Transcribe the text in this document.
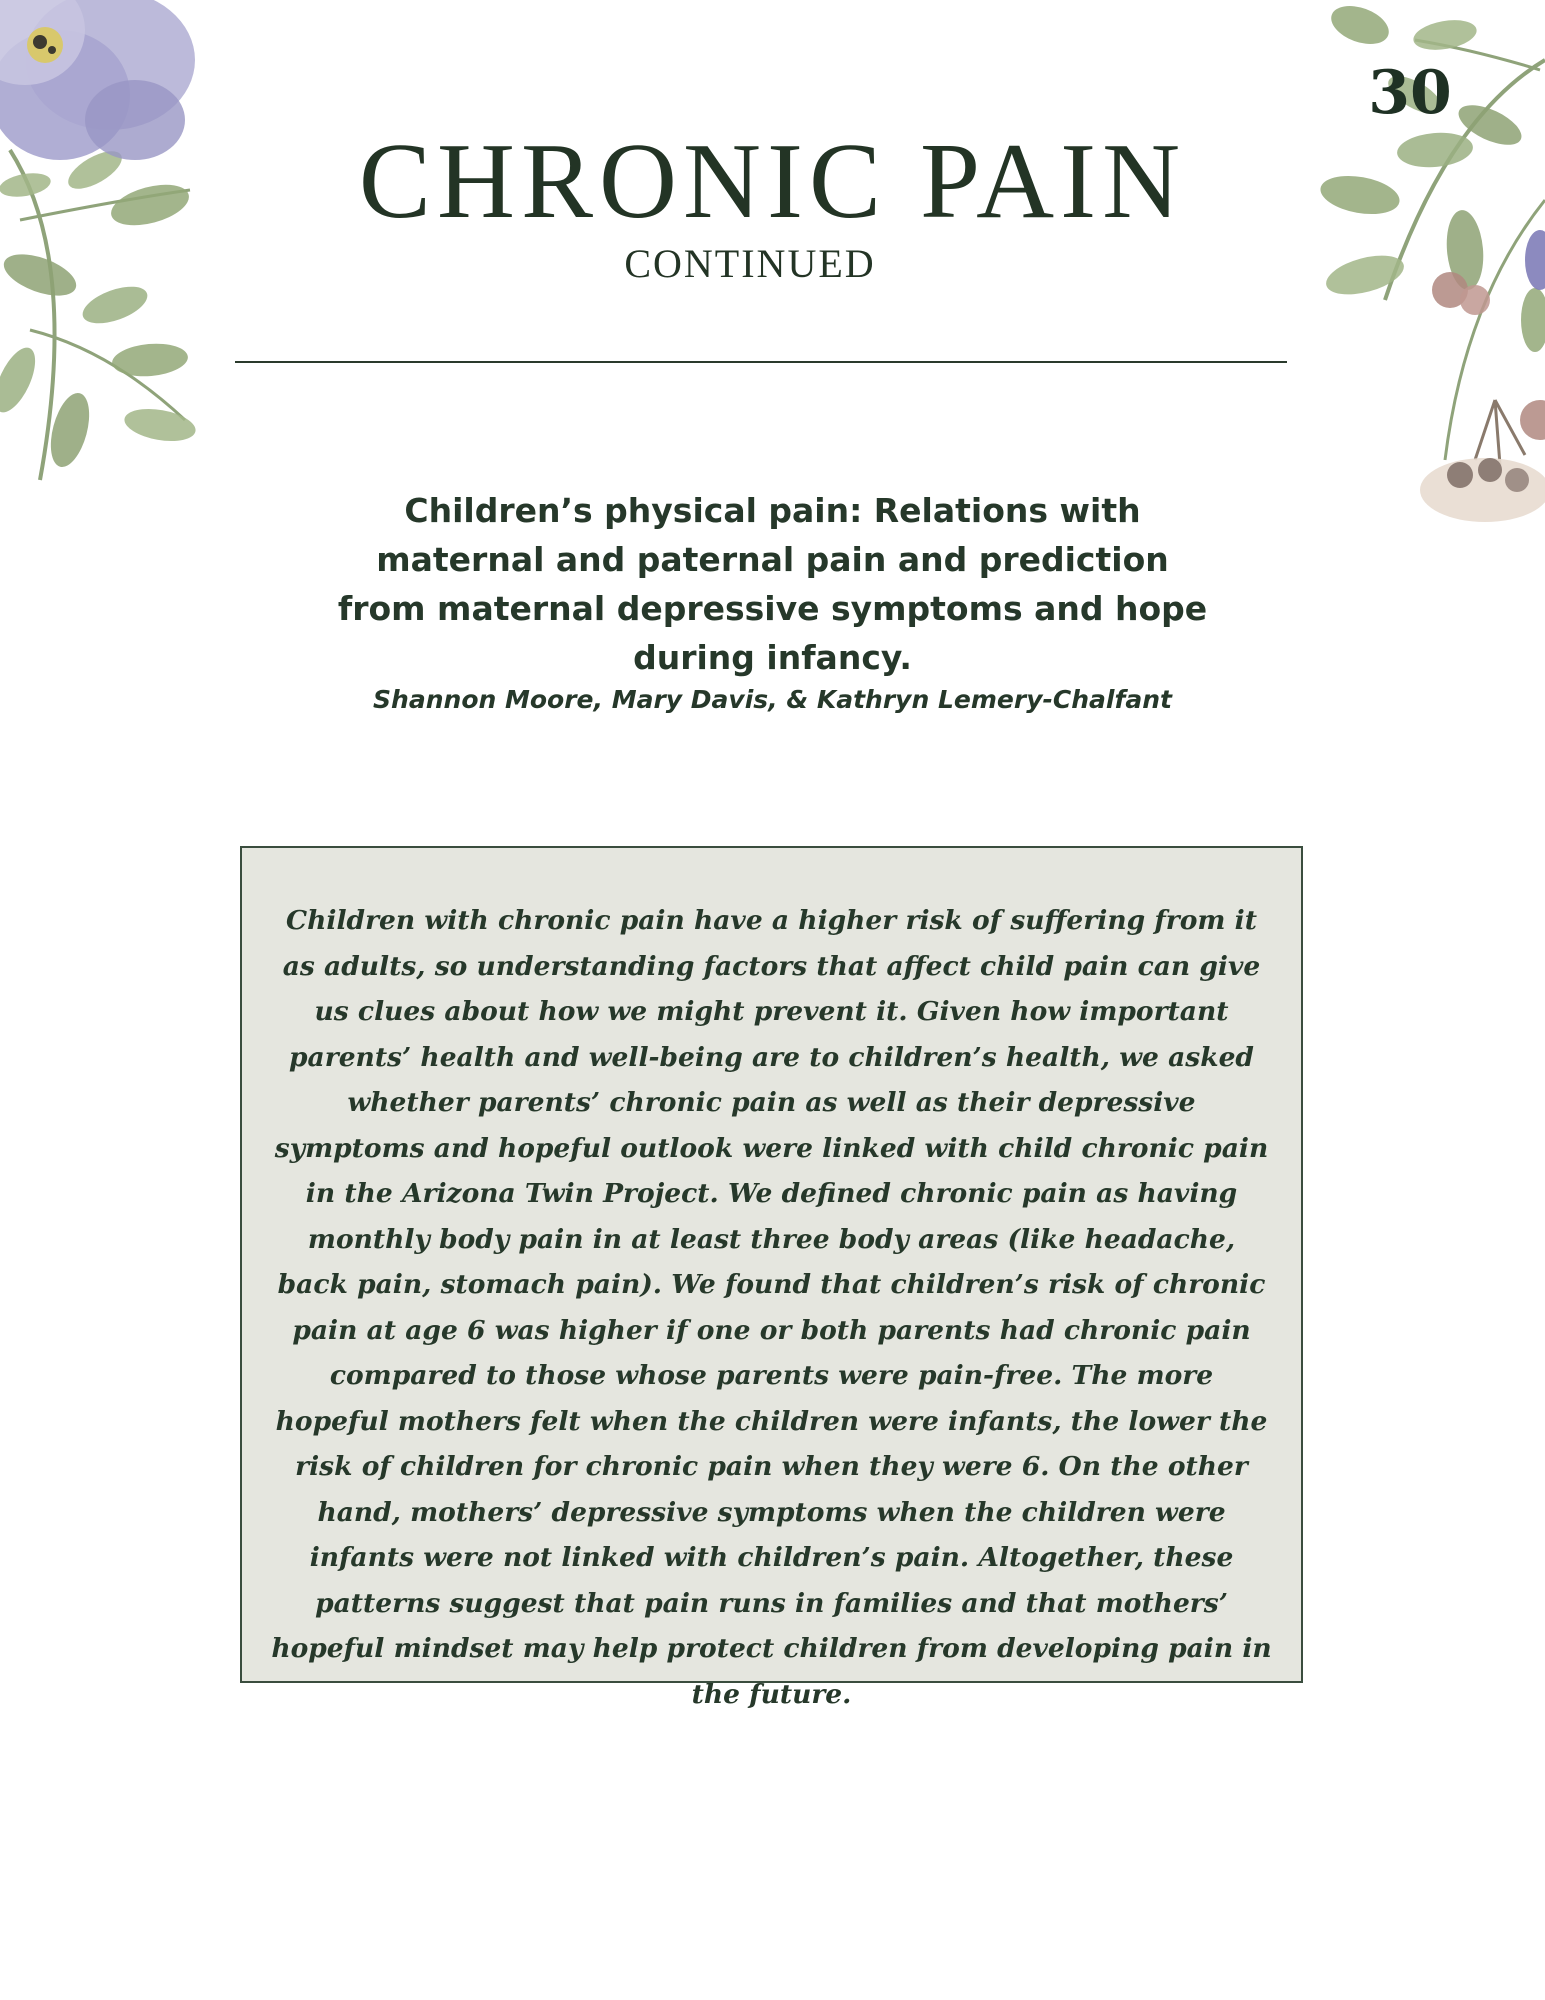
30
CHRONIC PAIN
CONTINUED
Children’s physical pain: Relations with maternal and paternal pain and prediction from maternal depressive symptoms and hope during infancy.
Shannon Moore, Mary Davis, & Kathryn Lemery-Chalfant

Children with chronic pain have a higher risk of suffering from it as adults, so understanding factors that affect child pain can give us clues about how we might prevent it. Given how important parents’ health and well-being are to children’s health, we asked whether parents’ chronic pain as well as their depressive symptoms and hopeful outlook were linked with child chronic pain in the Arizona Twin Project. We defined chronic pain as having monthly body pain in at least three body areas (like headache, back pain, stomach pain). We found that children’s risk of chronic pain at age 6 was higher if one or both parents had chronic pain compared to those whose parents were pain-free. The more hopeful mothers felt when the children were infants, the lower the risk of children for chronic pain when they were 6. On the other hand, mothers’ depressive symptoms when the children were infants were not linked with children’s pain. Altogether, these patterns suggest that pain runs in families and that mothers’ hopeful mindset may help protect children from developing pain in the future.
